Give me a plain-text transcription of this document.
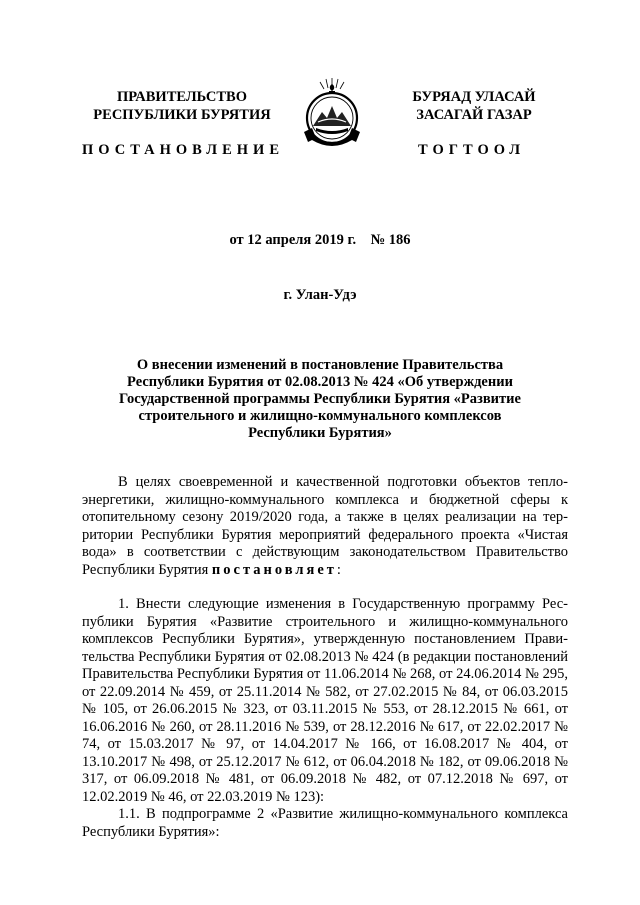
ПРАВИТЕЛЬСТВО
РЕСПУБЛИКИ БУРЯТИЯ
БУРЯАД УЛАСАЙ
ЗАСАГАЙ ГАЗАР
ПОСТАНОВЛЕНИЕ	ТОГТООЛ
от 12 апреля 2019 г.    № 186
г. Улан-Удэ
О внесении изменений в постановление Правительства Республики Бурятия от 02.08.2013 № 424 «Об утверждении Государственной программы Республики Бурятия «Развитие строительного и жилищно-коммунального комплексов Республики Бурятия»

В целях своевременной и качественной подготовки объектов теплоэнергетики, жилищно-коммунального комплекса и бюджетной сферы к отопительному сезону 2019/2020 года, а также в целях реализации на территории Республики Бурятия мероприятий федерального проекта «Чистая вода» в соответствии с действующим законодательством Правительство Республики Бурятия постановляет:

1. Внести следующие изменения в Государственную программу Республики Бурятия «Развитие строительного и жилищно-коммунального комплексов Республики Бурятия», утвержденную постановлением Правительства Республики Бурятия от 02.08.2013 № 424 (в редакции постановлений Правительства Республики Бурятия от 11.06.2014 № 268, от 24.06.2014 № 295, от 22.09.2014 № 459, от 25.11.2014 № 582, от 27.02.2015 № 84, от 06.03.2015 № 105, от 26.06.2015 № 323, от 03.11.2015 № 553, от 28.12.2015 № 661, от 16.06.2016 № 260, от 28.11.2016 № 539, от 28.12.2016 № 617, от 22.02.2017 № 74, от 15.03.2017 № 97, от 14.04.2017 № 166, от 16.08.2017 № 404, от 13.10.2017 № 498, от 25.12.2017 № 612, от 06.04.2018 № 182, от 09.06.2018 № 317, от 06.09.2018 № 481, от 06.09.2018 № 482, от 07.12.2018 № 697, от 12.02.2019 № 46, от 22.03.2019 № 123):

1.1. В подпрограмме 2 «Развитие жилищно-коммунального комплекса Республики Бурятия»:
